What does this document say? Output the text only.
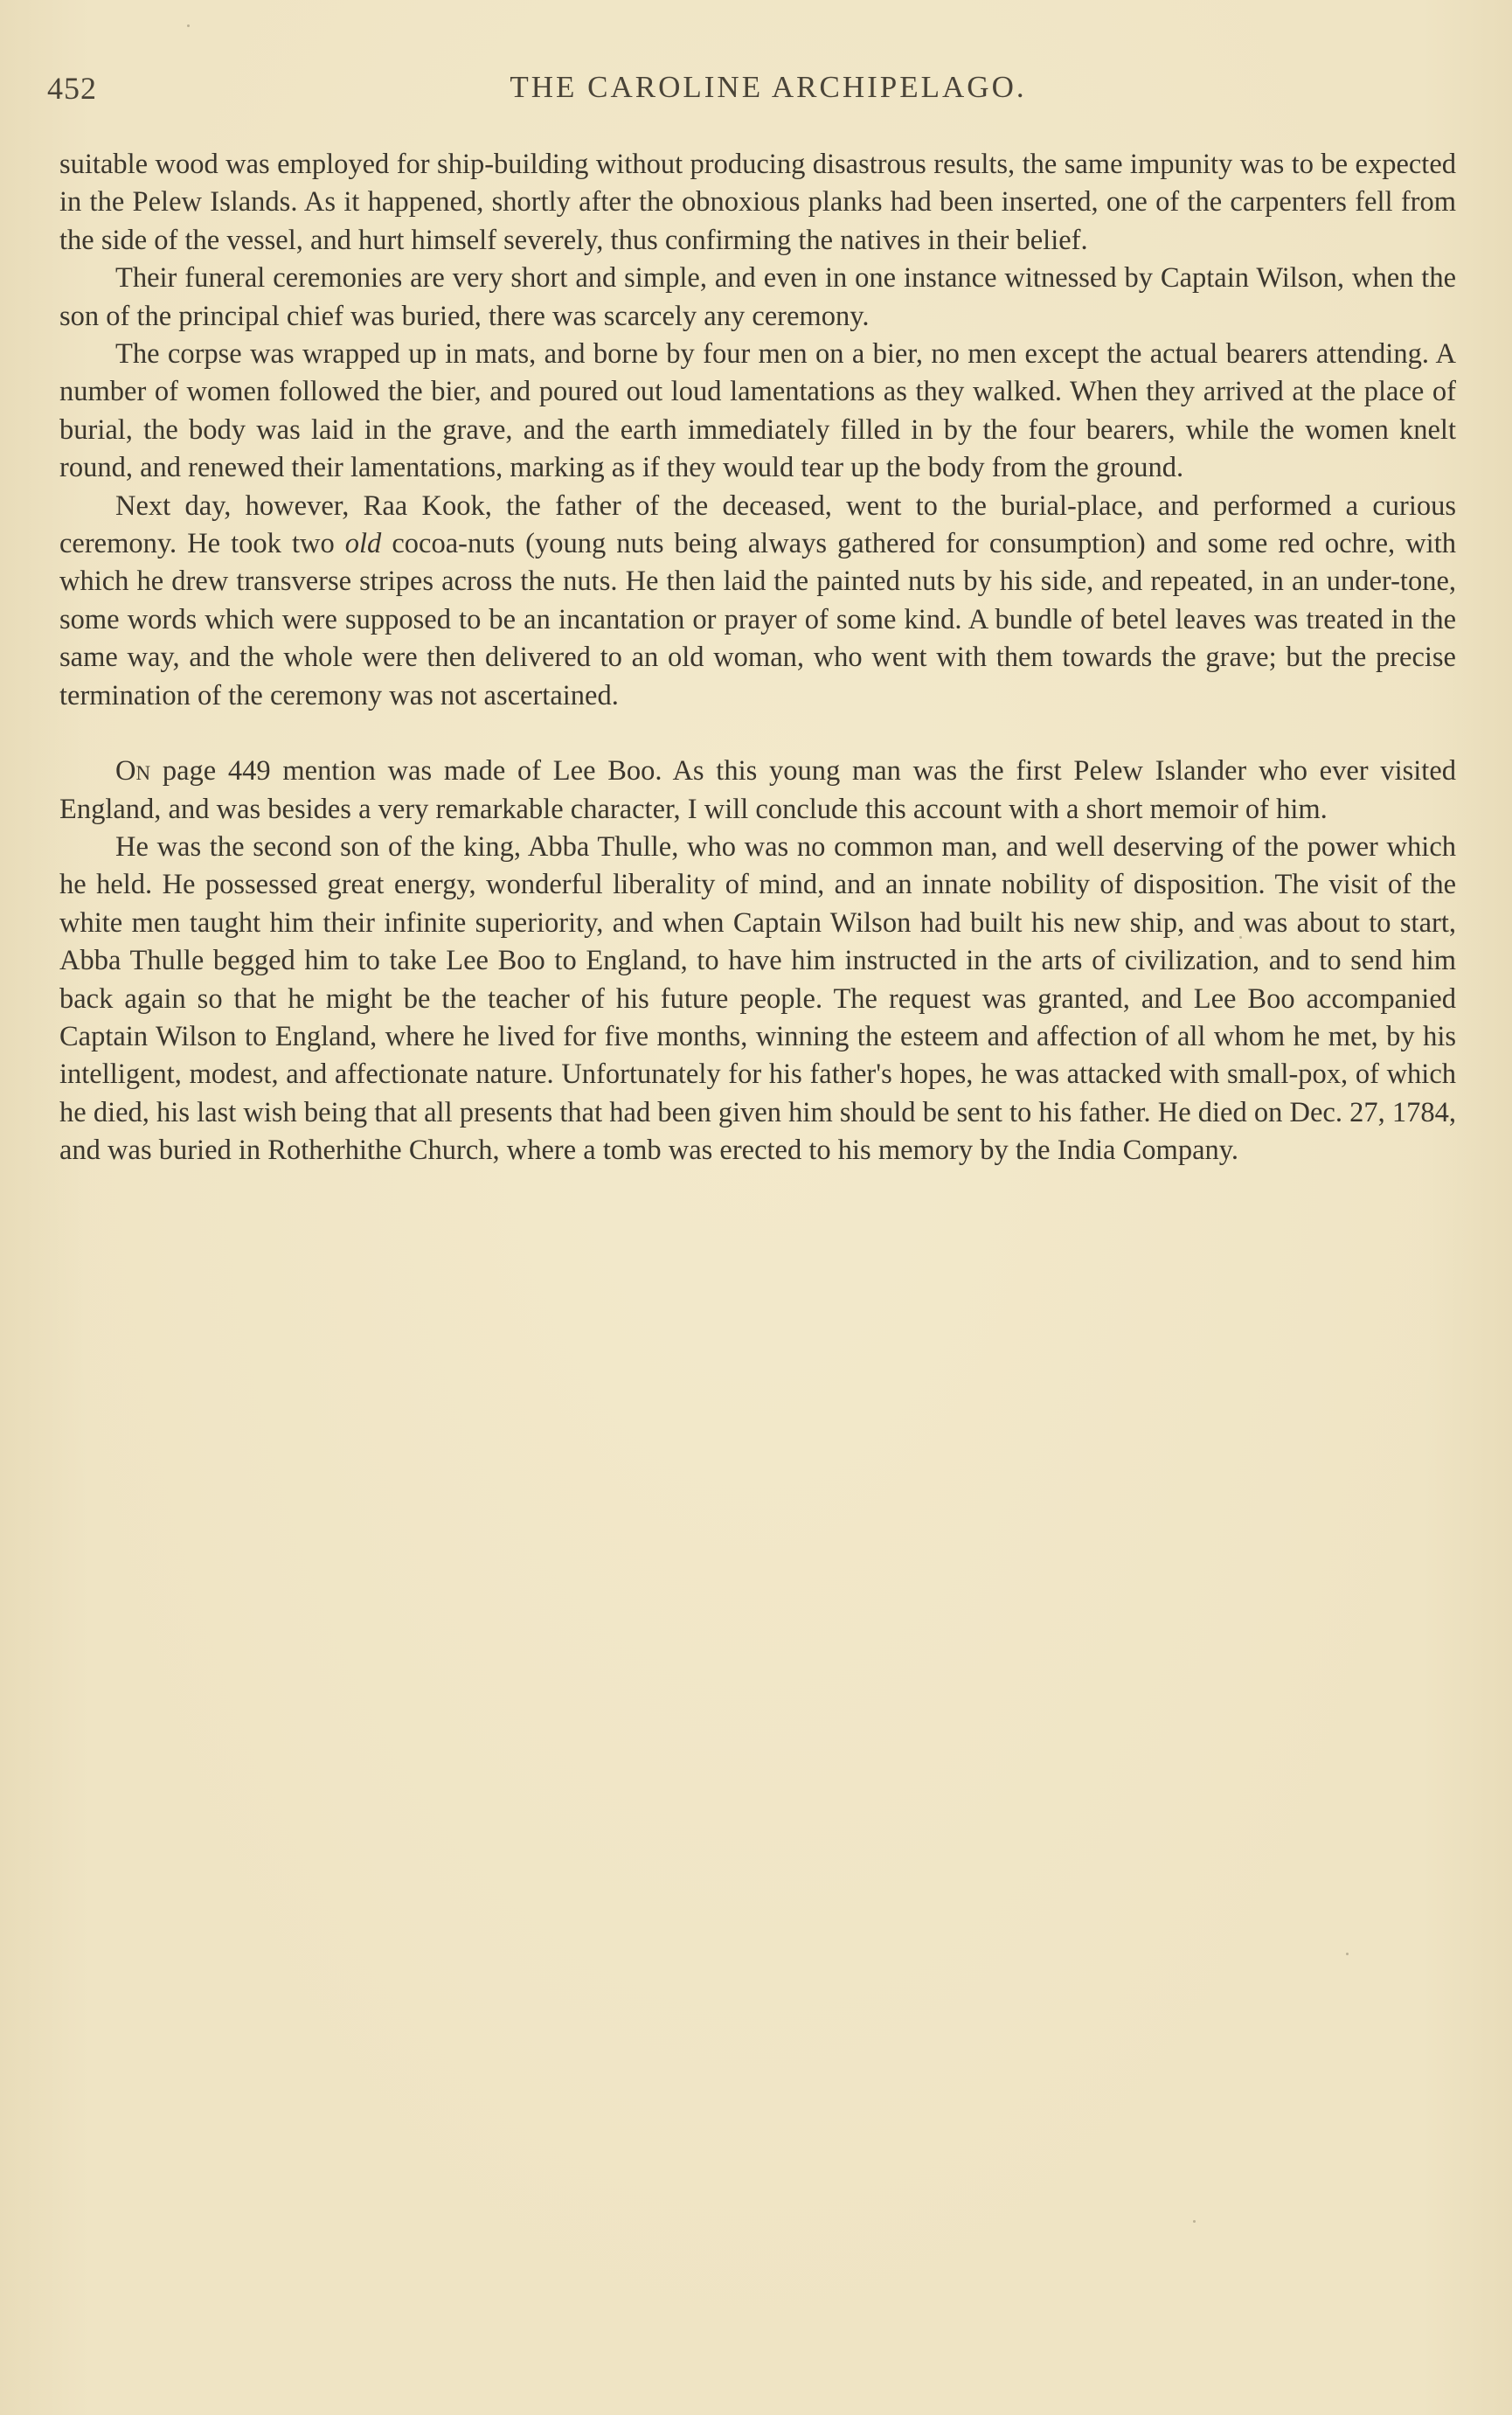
452	THE CAROLINE ARCHIPELAGO.

suitable wood was employed for ship-building without producing disastrous results, the same impunity was to be expected in the Pelew Islands. As it happened, shortly after the obnoxious planks had been inserted, one of the carpenters fell from the side of the vessel, and hurt himself severely, thus confirming the natives in their belief.

Their funeral ceremonies are very short and simple, and even in one instance witnessed by Captain Wilson, when the son of the principal chief was buried, there was scarcely any ceremony.

The corpse was wrapped up in mats, and borne by four men on a bier, no men except the actual bearers attending. A number of women followed the bier, and poured out loud lamentations as they walked. When they arrived at the place of burial, the body was laid in the grave, and the earth immediately filled in by the four bearers, while the women knelt round, and renewed their lamentations, marking as if they would tear up the body from the ground.

Next day, however, Raa Kook, the father of the deceased, went to the burial-place, and performed a curious ceremony. He took two old cocoa-nuts (young nuts being always gathered for consumption) and some red ochre, with which he drew transverse stripes across the nuts. He then laid the painted nuts by his side, and repeated, in an under-tone, some words which were supposed to be an incantation or prayer of some kind. A bundle of betel leaves was treated in the same way, and the whole were then delivered to an old woman, who went with them towards the grave; but the precise termination of the ceremony was not ascertained.

On page 449 mention was made of Lee Boo. As this young man was the first Pelew Islander who ever visited England, and was besides a very remarkable character, I will conclude this account with a short memoir of him.

He was the second son of the king, Abba Thulle, who was no common man, and well deserving of the power which he held. He possessed great energy, wonderful liberality of mind, and an innate nobility of disposition. The visit of the white men taught him their infinite superiority, and when Captain Wilson had built his new ship, and was about to start, Abba Thulle begged him to take Lee Boo to England, to have him instructed in the arts of civilization, and to send him back again so that he might be the teacher of his future people. The request was granted, and Lee Boo accompanied Captain Wilson to England, where he lived for five months, winning the esteem and affection of all whom he met, by his intelligent, modest, and affectionate nature. Unfortunately for his father's hopes, he was attacked with small-pox, of which he died, his last wish being that all presents that had been given him should be sent to his father. He died on Dec. 27, 1784, and was buried in Rotherhithe Church, where a tomb was erected to his memory by the India Company.
